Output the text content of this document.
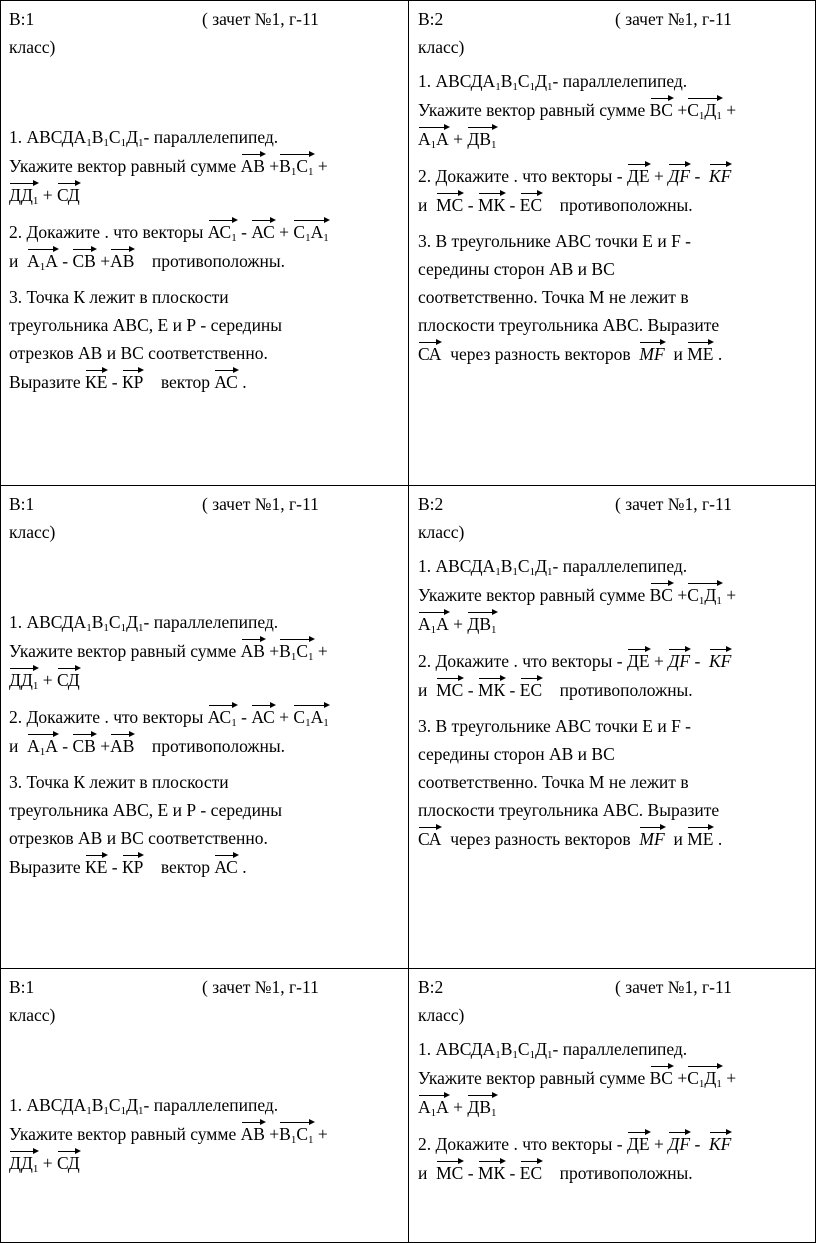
В:1	( зачет №1, г-11
класс)

1. $АВСДА_1В_1С_1Д_1-$ параллелепипед.

Укажите вектор равный сумме АВ $+В_1С_1$ +

$ДД_1$ + СД

2. Докажите . что векторы $АС_1$ - АС + $С_1А_1$

и $А_1А$ - СВ +АВ противоположны.

3. Точка К лежит в плоскости

треугольника АВС, Е и Р - середины

отрезков АВ и ВС соответственно.

Выразите КЕ - КР вектор АС .

В:2	( зачет №1, г-11
класс)

1. $АВСДА_1В_1С_1Д_1-$ параллелепипед.

Укажите вектор равный сумме ВС $+С_1Д_1$ +

$А_1А + ДВ_1$

2. Докажите . что векторы - ДЕ + ДF -  КF

и МС - МК - ЕС противоположны.

3. В треугольнике АВС точки Е и F -

середины сторон АВ и ВС

соответственно. Точка М не лежит в

плоскости треугольника АВС. Выразите

СА через разность векторов МF и МЕ .

В:1	( зачет №1, г-11
класс)

1. $АВСДА_1В_1С_1Д_1-$ параллелепипед.

Укажите вектор равный сумме АВ $+В_1С_1$ +

$ДД_1$ + СД

2. Докажите . что векторы $АС_1$ - АС + $С_1А_1$

и $А_1А$ - СВ +АВ противоположны.

3. Точка К лежит в плоскости

треугольника АВС, Е и Р - середины

отрезков АВ и ВС соответственно.

Выразите КЕ - КР вектор АС .

В:2	( зачет №1, г-11
класс)

1. $АВСДА_1В_1С_1Д_1-$ параллелепипед.

Укажите вектор равный сумме ВС $+С_1Д_1$ +

$А_1А + ДВ_1$

2. Докажите . что векторы - ДЕ + ДF -  КF

и МС - МК - ЕС противоположны.

3. В треугольнике АВС точки Е и F -

середины сторон АВ и ВС

соответственно. Точка М не лежит в

плоскости треугольника АВС. Выразите

СА через разность векторов МF и МЕ .

В:1	( зачет №1, г-11
класс)

1. $АВСДА_1В_1С_1Д_1-$ параллелепипед.

Укажите вектор равный сумме АВ $+В_1С_1$ +

$ДД_1$ + СД

В:2	( зачет №1, г-11
класс)

1. $АВСДА_1В_1С_1Д_1-$ параллелепипед.

Укажите вектор равный сумме ВС $+С_1Д_1$ +

$А_1А + ДВ_1$

2. Докажите . что векторы - ДЕ + ДF -  КF

и МС - МК - ЕС противоположны.
